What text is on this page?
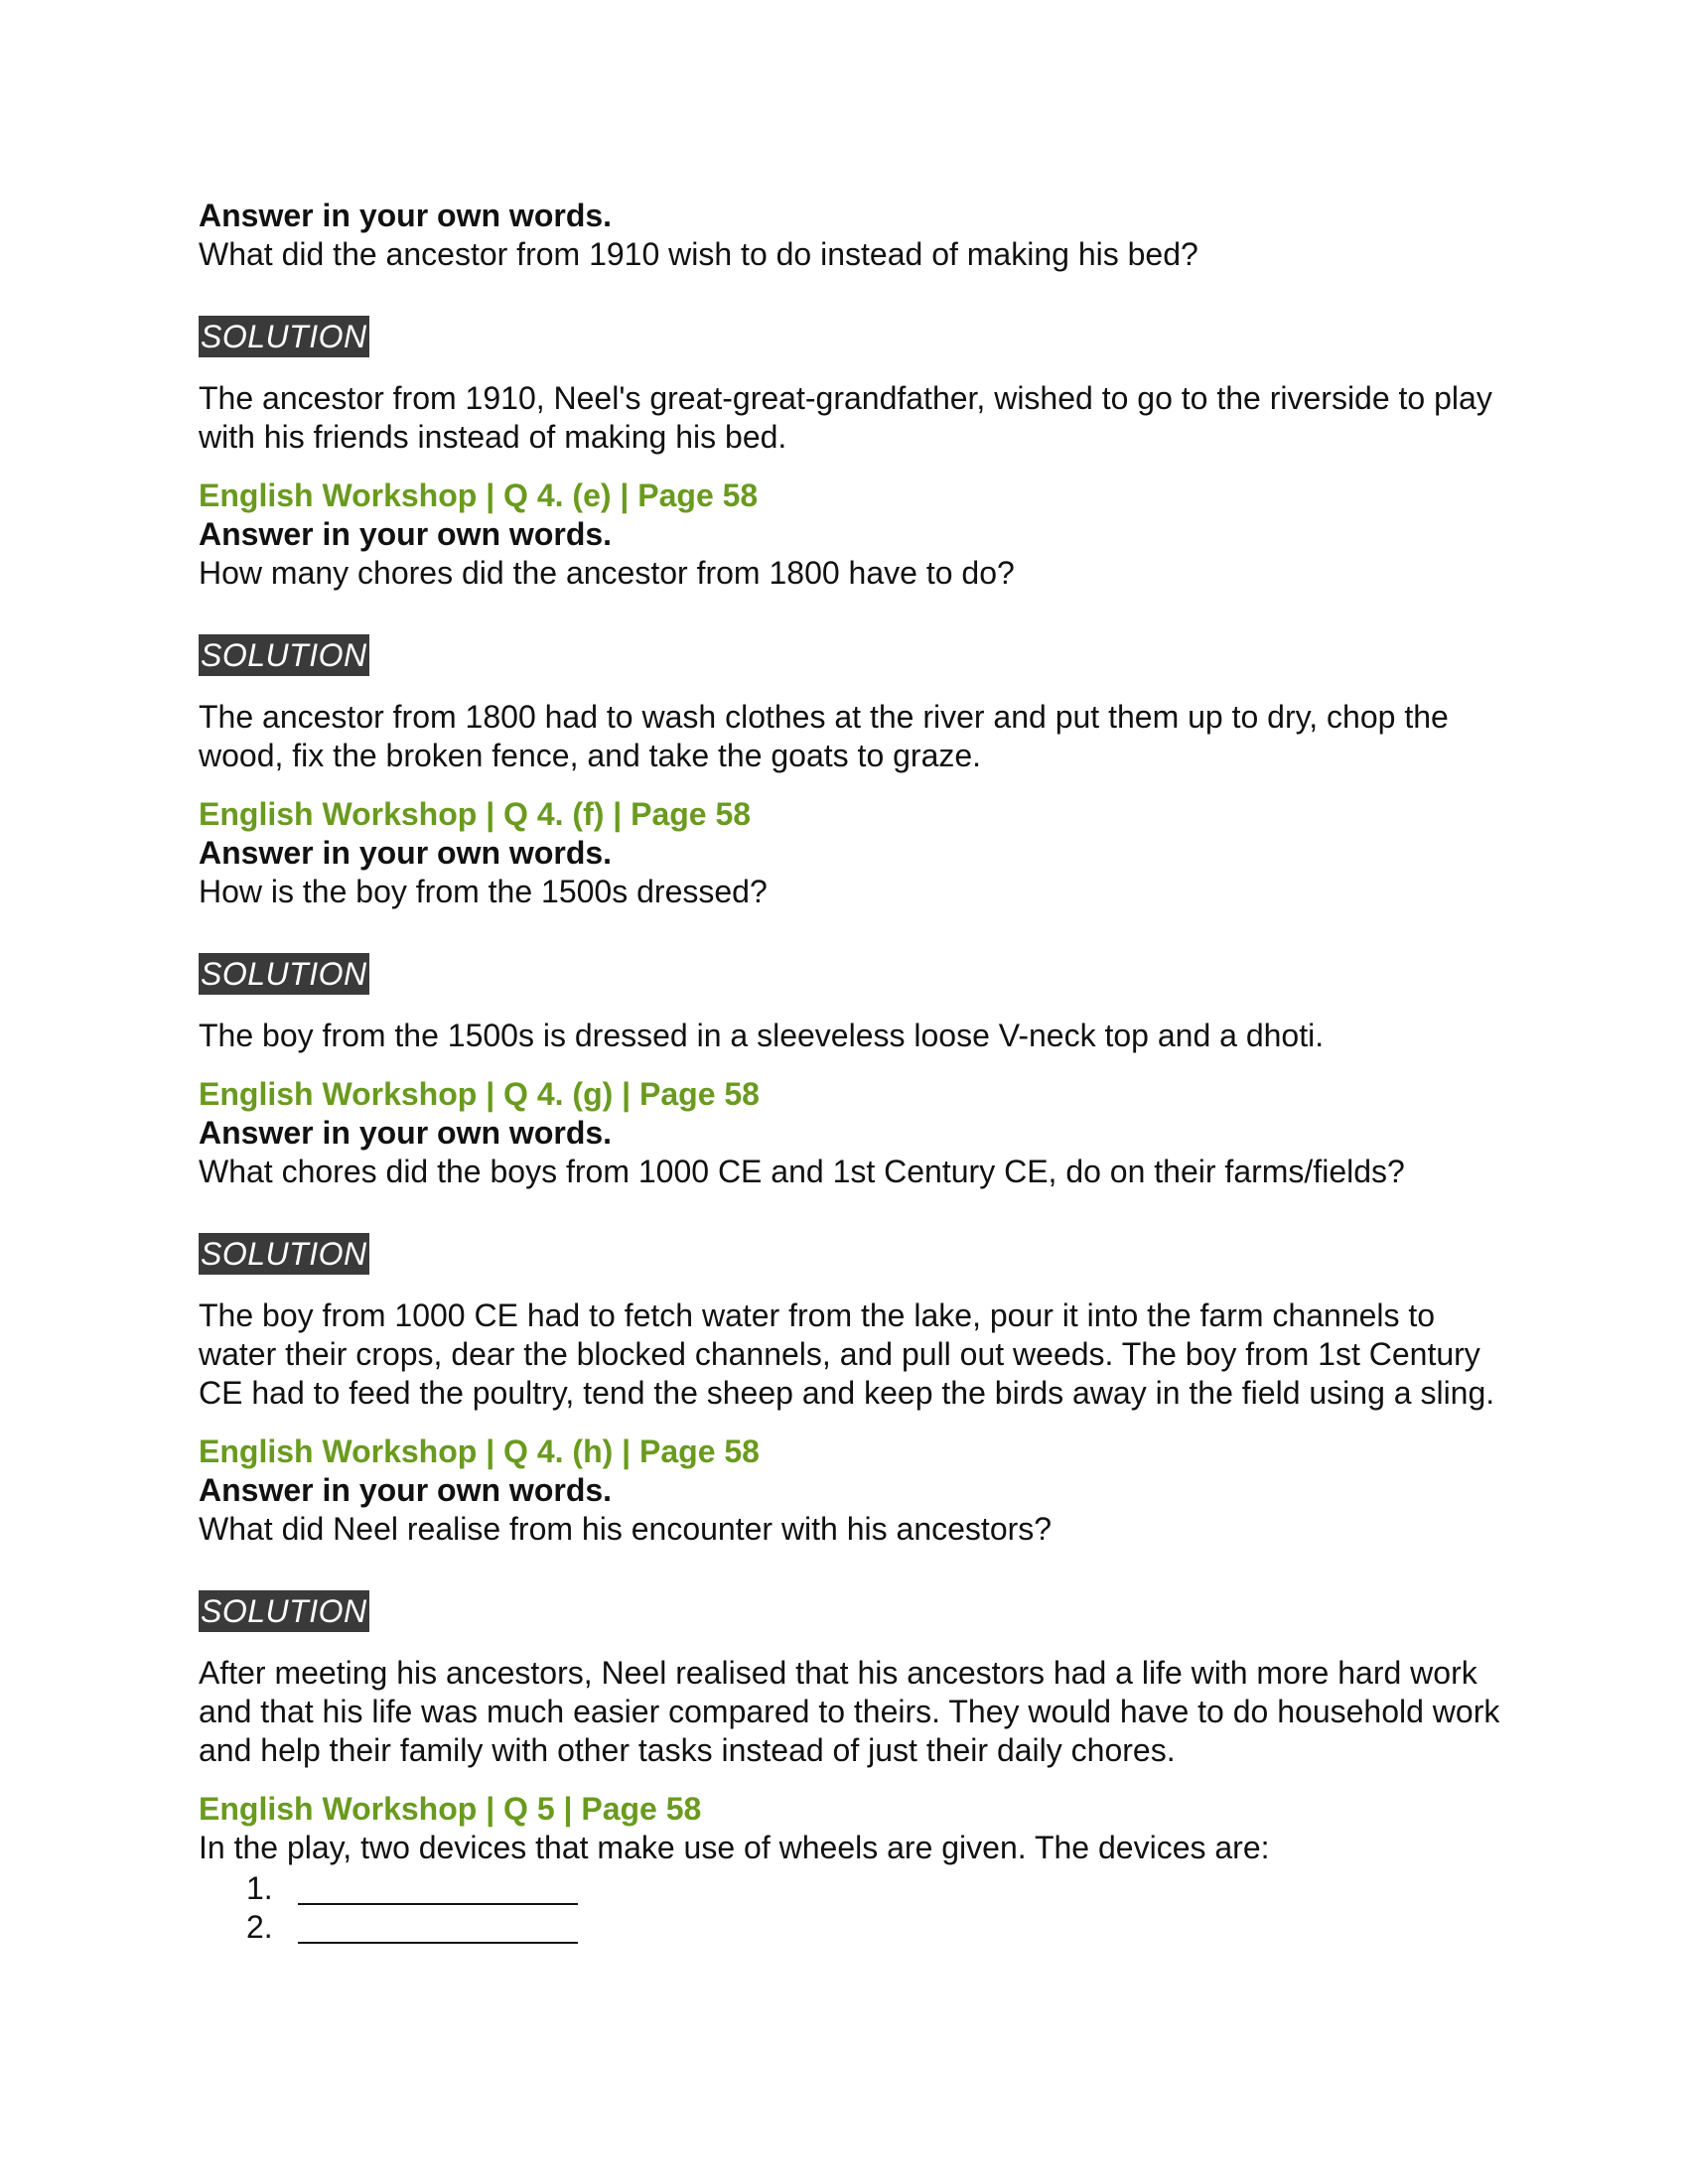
Answer in your own words.
What did the ancestor from 1910 wish to do instead of making his bed?
SOLUTION
The ancestor from 1910, Neel's great-great-grandfather, wished to go to the riverside to play with his friends instead of making his bed.
English Workshop | Q 4. (e) | Page 58
Answer in your own words.
How many chores did the ancestor from 1800 have to do?
SOLUTION
The ancestor from 1800 had to wash clothes at the river and put them up to dry, chop the wood, fix the broken fence, and take the goats to graze.
English Workshop | Q 4. (f) | Page 58
Answer in your own words.
How is the boy from the 1500s dressed?
SOLUTION
The boy from the 1500s is dressed in a sleeveless loose V-neck top and a dhoti.
English Workshop | Q 4. (g) | Page 58
Answer in your own words.
What chores did the boys from 1000 CE and 1st Century CE, do on their farms/fields?
SOLUTION
The boy from 1000 CE had to fetch water from the lake, pour it into the farm channels to water their crops, dear the blocked channels, and pull out weeds. The boy from 1st Century CE had to feed the poultry, tend the sheep and keep the birds away in the field using a sling.
English Workshop | Q 4. (h) | Page 58
Answer in your own words.
What did Neel realise from his encounter with his ancestors?
SOLUTION
After meeting his ancestors, Neel realised that his ancestors had a life with more hard work and that his life was much easier compared to theirs. They would have to do household work and help their family with other tasks instead of just their daily chores.
English Workshop | Q 5 | Page 58
In the play, two devices that make use of wheels are given. The devices are:
1.
2.
